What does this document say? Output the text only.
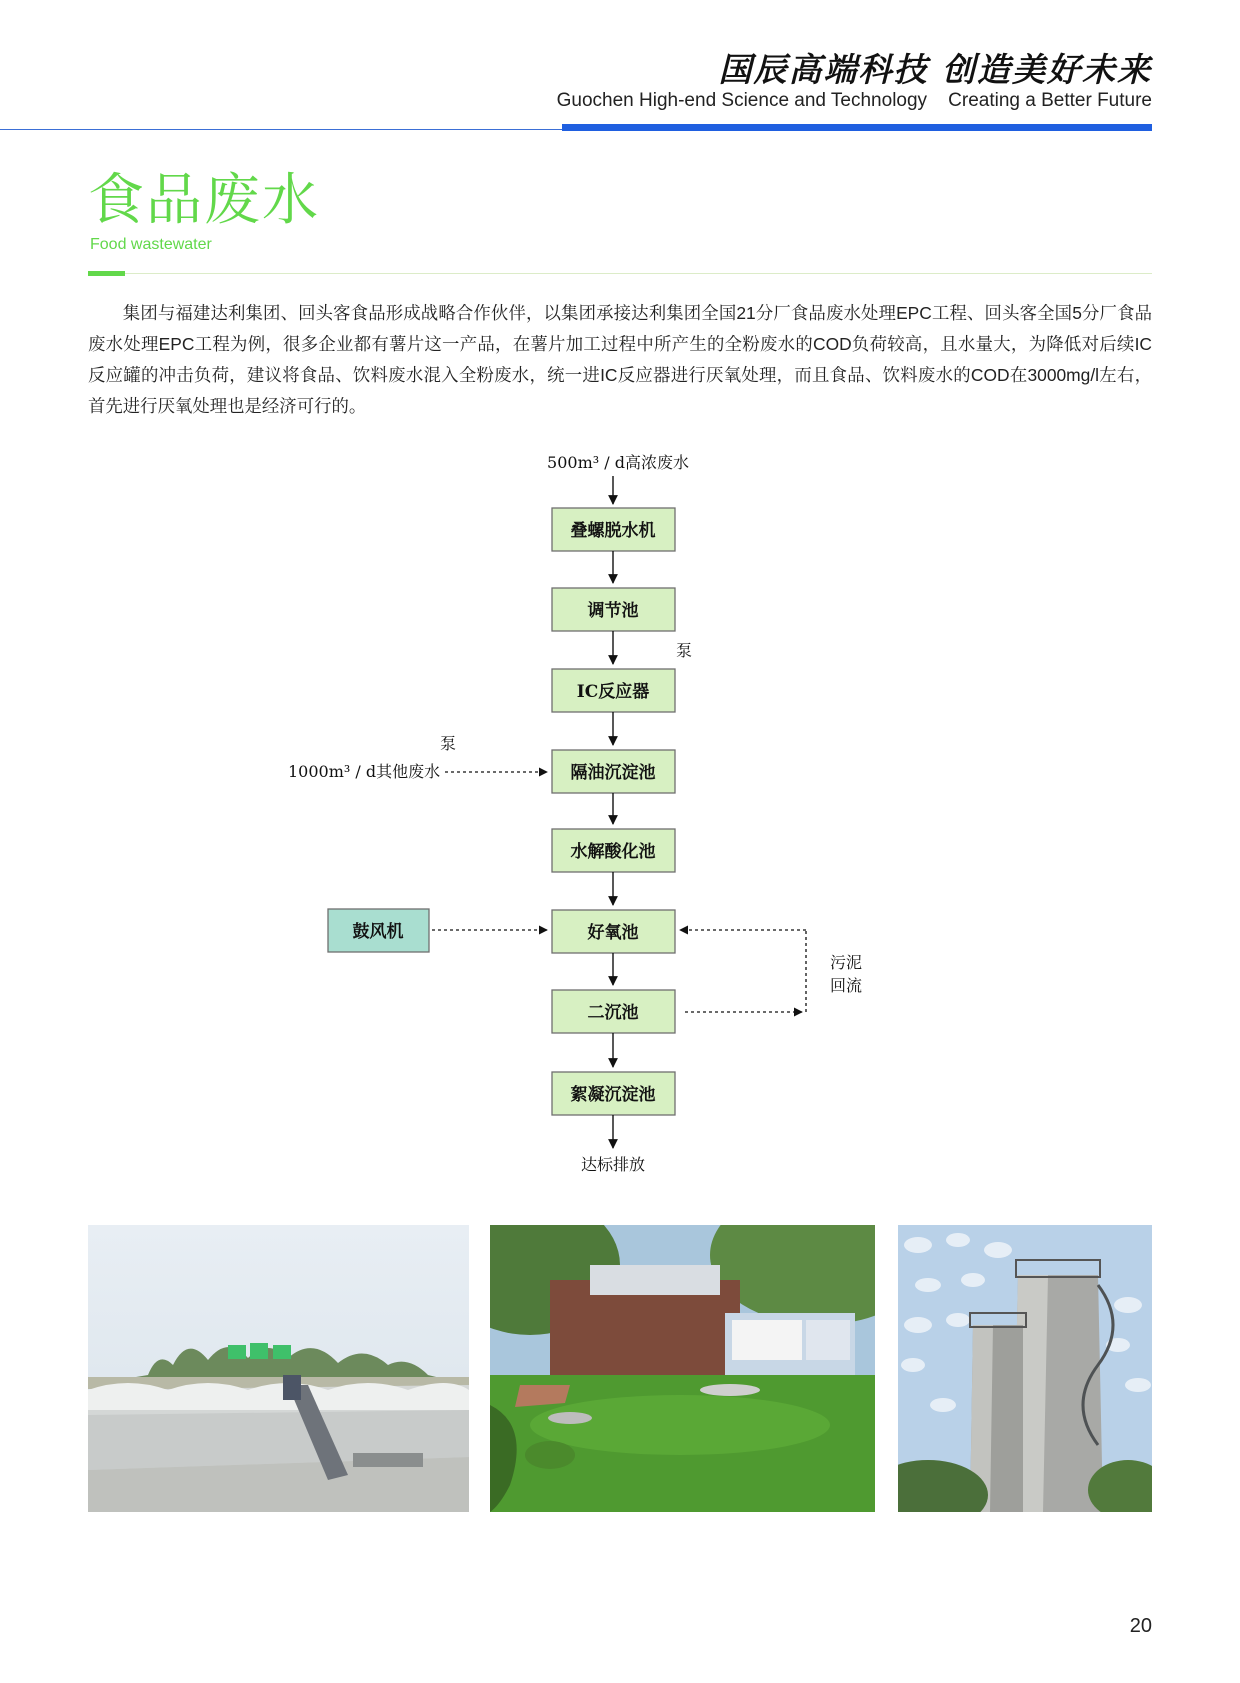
国辰高端科技 创造美好未来
Guochen High-end Science and Technology    Creating a Better Future
食品废水
Food wastewater

集团与福建达利集团、回头客食品形成战略合作伙伴，以集团承接达利集团全国21分厂食品废水处理EPC工程、回头客全国5分厂食品废水处理EPC工程为例，很多企业都有薯片这一产品，在薯片加工过程中所产生的全粉废水的COD负荷较高，且水量大，为降低对后续IC反应罐的冲击负荷，建议将食品、饮料废水混入全粉废水，统一进IC反应器进行厌氧处理，而且食品、饮料废水的COD在3000mg/l左右，首先进行厌氧处理也是经济可行的。

500m³ / d高浓废水
叠螺脱水机
调节池
泵
IC反应器
隔油沉淀池
泵
1000m³ / d其他废水
水解酸化池
鼓风机	好氧池
二沉池
污泥
回流
絮凝沉淀池
达标排放
20
